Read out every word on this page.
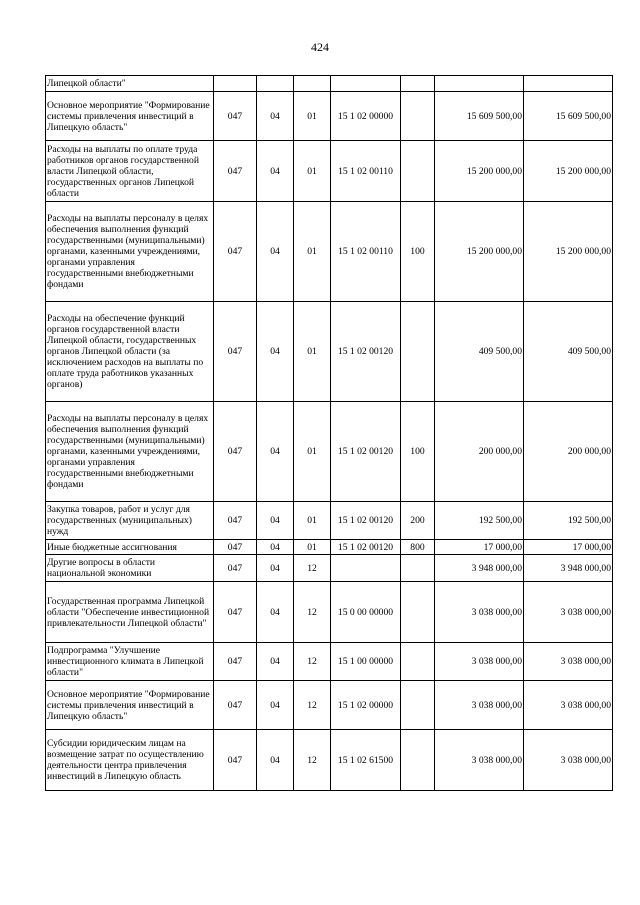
424
Липецкой области"							
Основное мероприятие "Формирование системы привлечения инвестиций в Липецкую область"	047	04	01	15 1 02 00000		15 609 500,00	15 609 500,00
Расходы на выплаты по оплате труда работников органов государственной власти Липецкой области, государственных органов Липецкой области	047	04	01	15 1 02 00110		15 200 000,00	15 200 000,00
Расходы на выплаты персоналу в целях обеспечения выполнения функций государственными (муниципальными) органами, казенными учреждениями, органами управления государственными внебюджетными фондами	047	04	01	15 1 02 00110	100	15 200 000,00	15 200 000,00
Расходы на обеспечение функций органов государственной власти Липецкой области, государственных органов Липецкой области (за исключением расходов на выплаты по оплате труда работников указанных органов)	047	04	01	15 1 02 00120		409 500,00	409 500,00
Расходы на выплаты персоналу в целях обеспечения выполнения функций государственными (муниципальными) органами, казенными учреждениями, органами управления государственными внебюджетными фондами	047	04	01	15 1 02 00120	100	200 000,00	200 000,00
Закупка товаров, работ и услуг для государственных (муниципальных) нужд	047	04	01	15 1 02 00120	200	192 500,00	192 500,00
Иные бюджетные ассигнования	047	04	01	15 1 02 00120	800	17 000,00	17 000,00
Другие вопросы в области национальной экономики	047	04	12			3 948 000,00	3 948 000,00
Государственная программа Липецкой области "Обеспечение инвестиционной привлекательности Липецкой области"	047	04	12	15 0 00 00000		3 038 000,00	3 038 000,00
Подпрограмма "Улучшение инвестиционного климата в Липецкой области"	047	04	12	15 1 00 00000		3 038 000,00	3 038 000,00
Основное мероприятие "Формирование системы привлечения инвестиций в Липецкую область"	047	04	12	15 1 02 00000		3 038 000,00	3 038 000,00
Субсидии юридическим лицам на возмещение затрат по осуществлению деятельности центра привлечения инвестиций в Липецкую область	047	04	12	15 1 02 61500		3 038 000,00	3 038 000,00
